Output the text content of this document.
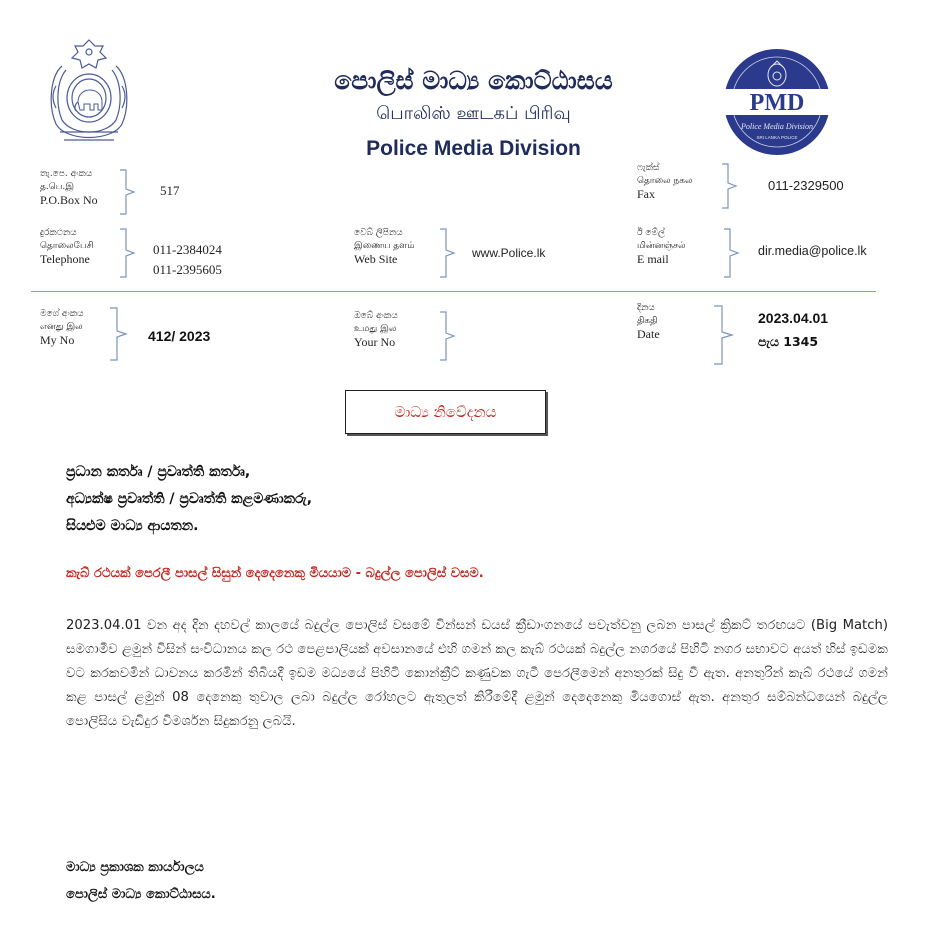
පොලිස් මාධ්‍ය කොට්ඨාසය
பொலிஸ் ஊடகப் பிரிவு
Police Media Division
PMD
Police Media Division
SRI LANKA POLICE
තැ.පෙ. අංකය
த.பெ.இ
P.O.Box No
517
ෆැක්ස්
தொலை நகல
Fax
011-2329500
දුරකථනය
தொலைபேசி
Telephone
011-2384024
011-2395605
වෙබ් ලිපිනය
இணைய தளம்
Web Site	www.Police.lk
ඊ මේල්
மின்னஞ்சல்
E mail
dir.media@police.lk
මගේ අංකය
எனது இல
My No	412/ 2023
ඔබේ අංකය
உமது இல
Your No
දිනය
திகதி
Date
2023.04.01
පැය 1345
මාධ්‍ය නිවේදනය
ප්‍රධාන කර්තෘ / ප්‍රවෘත්ති කර්තෘ,
අධ්‍යක්ෂ ප්‍රවෘත්ති / ප්‍රවෘත්ති කළමණාකරු,
සියළුම මාධ්‍ය ආයතන.
කැබ් රථයක් පෙරලී පාසල් සිසුන් දෙදෙනෙකු මියයාම - බදුල්ල පොලිස් වසම.
2023.04.01 වන අද දින දහවල් කාලයේ බදුල්ල පොලිස් වසමේ වින්සන් ඩයස් ක්‍රීඩාංගනයේ පවැත්වනු ලබන පාසල් ක්‍රිකට් තරඟයට (Big Match) සමගාමීව ළමුන් විසින් සංවිධානය කල රථ පෙළපාලියක් අවසානයේ එහි ගමන් කල කැබ් රථයක් බදුල්ල නගරයේ පිහිටි නගර සභාවට අයත් හිස් ඉඩමක වට කරකවමින් ධාවනය කරමින් තිබියදී ඉඩම මධ්‍යයේ පිහිටි කොන්ක්‍රීට් කණුවක ගැටී පෙරලීමෙන් අනතුරක් සිදු වී ඇත. අනතුරින් කැබ් රථයේ ගමන් කළ පාසල් ළමුන් 08 දෙනෙකු තුවාල ලබා බදුල්ල රෝහලට ඇතුලත් කිරීමේදී ළමුන් දෙදෙනෙකු මියගොස් ඇත. අනතුර සම්බන්ධයෙන් බදුල්ල පොලිසිය වැඩිදුර විමර්ශන සිදුකරනු ලබයි.
මාධ්‍ය ප්‍රකාශක කාර්යාලය
පොලිස් මාධ්‍ය කොට්ඨාසය.
